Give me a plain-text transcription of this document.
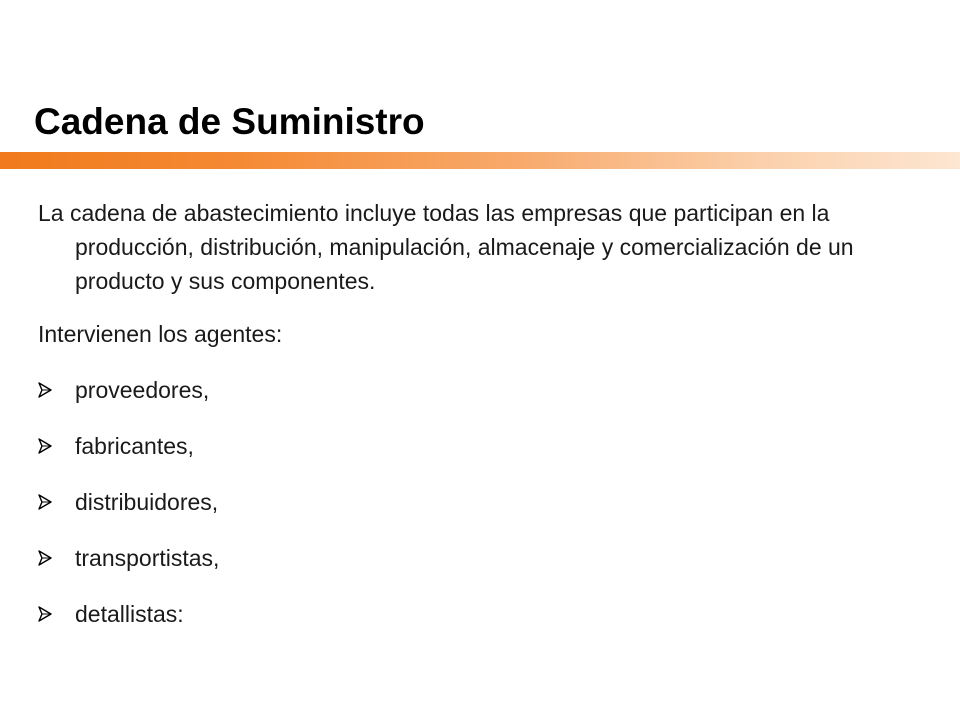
Cadena de Suministro

La cadena de abastecimiento incluye todas las empresas que participan en la producción, distribución, manipulación, almacenaje y comercialización de un producto y sus componentes.

Intervienen los agentes:

proveedores,
fabricantes,
distribuidores,
transportistas,
detallistas:
